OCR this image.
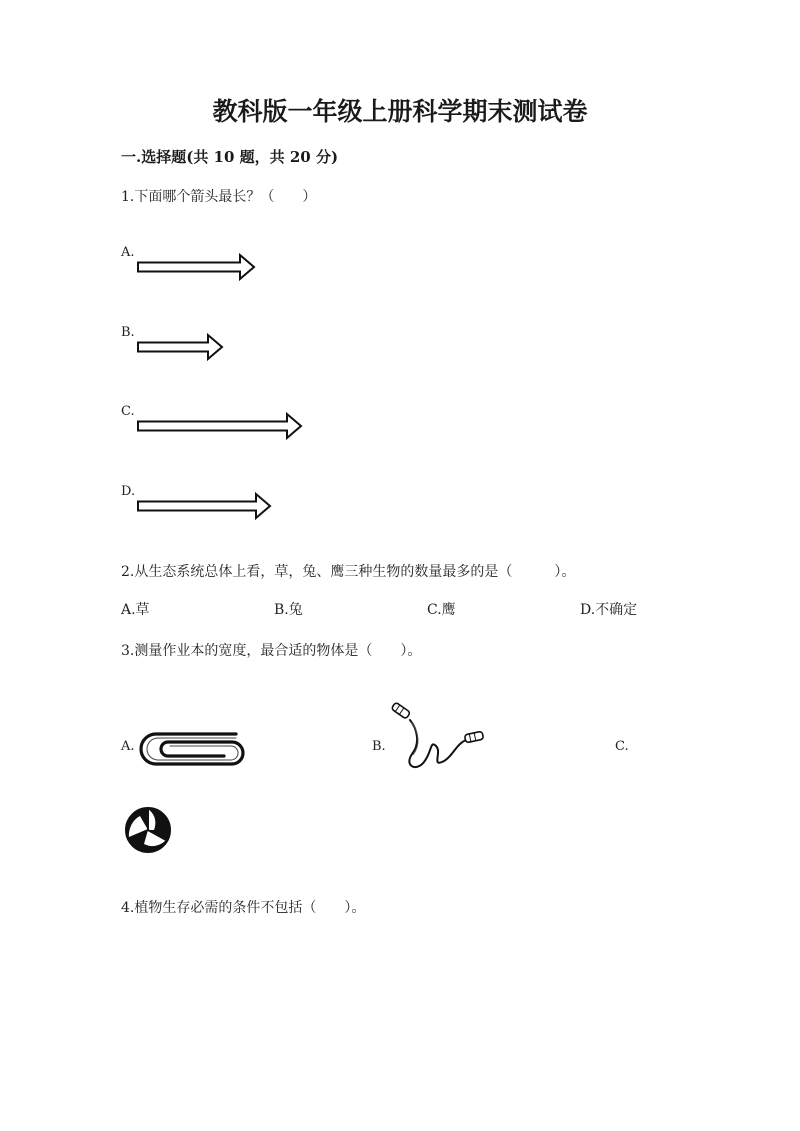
教科版一年级上册科学期末测试卷
一.选择题(共 10 题，共 20 分)
1.下面哪个箭头最长？（　　）
A.
B.
C.
D.
2.从生态系统总体上看，草，兔、鹰三种生物的数量最多的是（　　　）。
A.草	B.兔	C.鹰	D.不确定
3.测量作业本的宽度，最合适的物体是（　　）。
A.	B.	C.
4.植物生存必需的条件不包括（　　）。
